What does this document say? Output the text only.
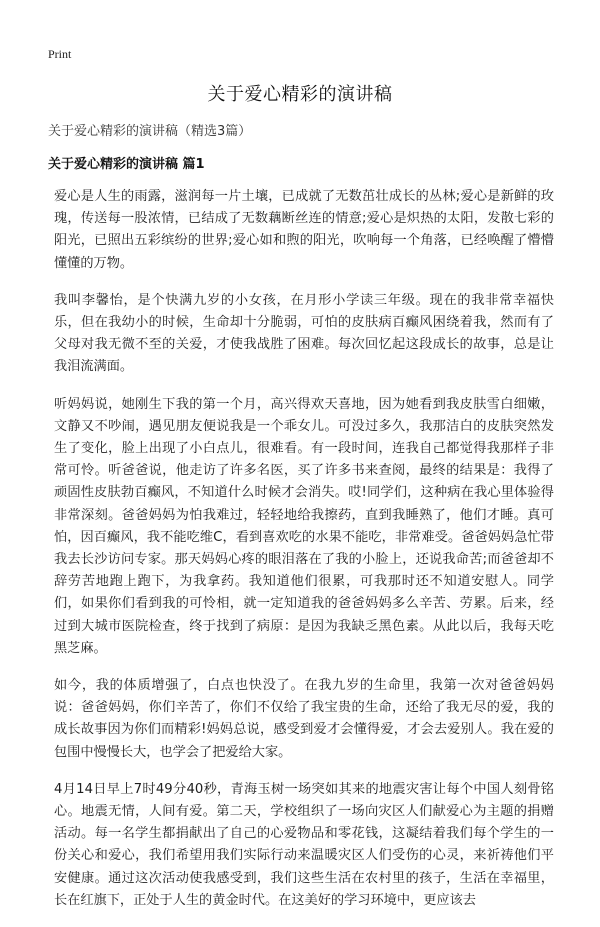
Print
关于爱心精彩的演讲稿
关于爱心精彩的演讲稿（精选3篇）
关于爱心精彩的演讲稿 篇1

爱心是人生的雨露，滋润每一片土壤，已成就了无数茁壮成长的丛林;爱心是新鲜的玫瑰，传送每一股浓情，已结成了无数藕断丝连的情意;爱心是炽热的太阳，发散七彩的阳光，已照出五彩缤纷的世界;爱心如和煦的阳光，吹响每一个角落，已经唤醒了懵懵懂懂的万物。

我叫李馨怡，是个快满九岁的小女孩，在月形小学读三年级。现在的我非常幸福快乐，但在我幼小的时候，生命却十分脆弱，可怕的皮肤病百癫风困绕着我，然而有了父母对我无微不至的关爱，才使我战胜了困难。每次回忆起这段成长的故事，总是让我泪流满面。

听妈妈说，她刚生下我的第一个月，高兴得欢天喜地，因为她看到我皮肤雪白细嫩，文静又不吵闹，遇见朋友便说我是一个乖女儿。可没过多久，我那洁白的皮肤突然发生了变化，脸上出现了小白点儿，很难看。有一段时间，连我自己都觉得我那样子非常可怜。听爸爸说，他走访了许多名医，买了许多书来查阅，最终的结果是：我得了顽固性皮肤勃百癫风，不知道什么时候才会消失。哎!同学们，这种病在我心里体验得非常深刻。爸爸妈妈为怕我难过，轻轻地给我擦药，直到我睡熟了，他们才睡。真可怕，因百癫风，我不能吃维C，看到喜欢吃的水果不能吃，非常难受。爸爸妈妈急忙带我去长沙访问专家。那天妈妈心疼的眼泪落在了我的小脸上，还说我命苦;而爸爸却不辞劳苦地跑上跑下，为我拿药。我知道他们很累，可我那时还不知道安慰人。同学们，如果你们看到我的可怜相，就一定知道我的爸爸妈妈多么辛苦、劳累。后来，经过到大城市医院检查，终于找到了病原：是因为我缺乏黑色素。从此以后，我每天吃黑芝麻。

如今，我的体质增强了，白点也快没了。在我九岁的生命里，我第一次对爸爸妈妈说：爸爸妈妈，你们辛苦了，你们不仅给了我宝贵的生命，还给了我无尽的爱，我的成长故事因为你们而精彩!妈妈总说，感受到爱才会懂得爱，才会去爱别人。我在爱的包围中慢慢长大，也学会了把爱给大家。

4月14日早上7时49分40秒，青海玉树一场突如其来的地震灾害让每个中国人刻骨铭心。地震无情，人间有爱。第二天，学校组织了一场向灾区人们献爱心为主题的捐赠活动。每一名学生都捐献出了自己的心爱物品和零花钱，这凝结着我们每个学生的一份关心和爱心，我们希望用我们实际行动来温暖灾区人们受伤的心灵，来祈祷他们平安健康。通过这次活动使我感受到，我们这些生活在农村里的孩子，生活在幸福里，长在红旗下，正处于人生的黄金时代。在这美好的学习环境中，更应该去
